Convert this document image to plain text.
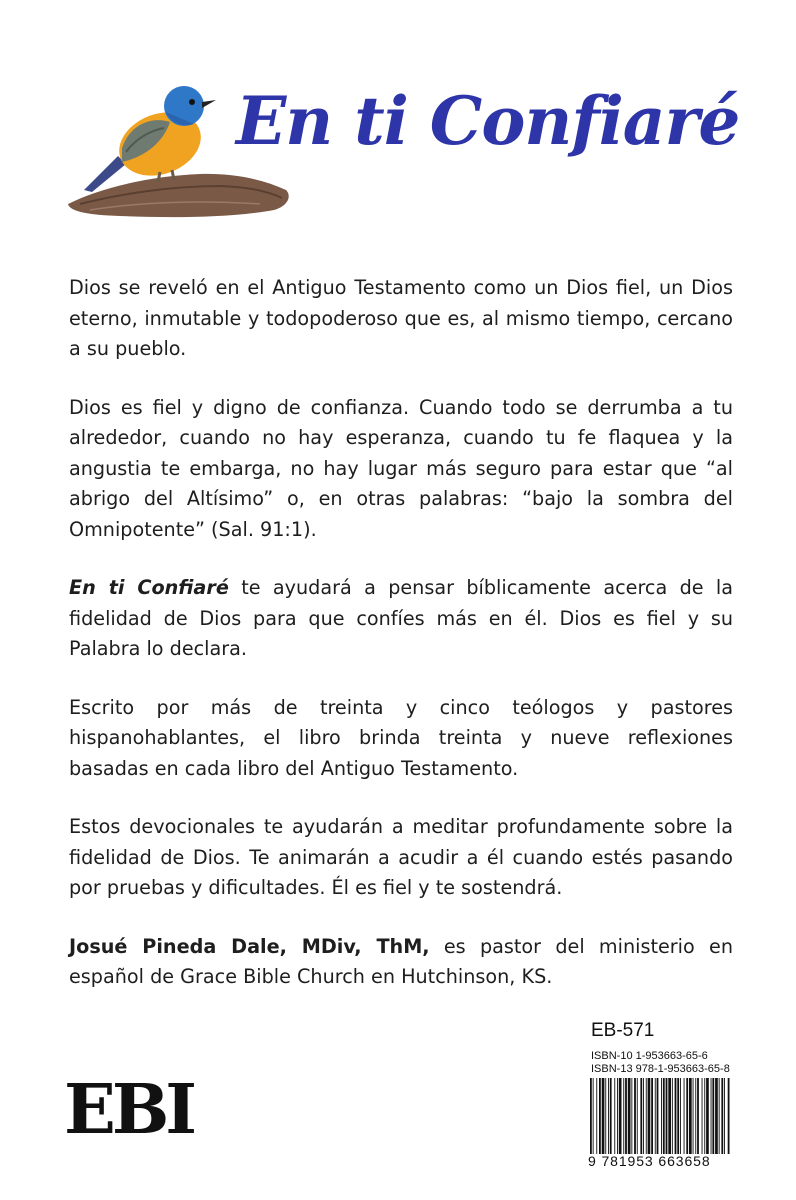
En ti Confiaré

Dios se reveló en el Antiguo Testamento como un Dios fiel, un Dios eterno, inmutable y todopoderoso que es, al mismo tiempo, cercano a su pueblo.

Dios es fiel y digno de confianza. Cuando todo se derrumba a tu alrededor, cuando no hay esperanza, cuando tu fe flaquea y la angustia te embarga, no hay lugar más seguro para estar que “al abrigo del Altísimo” o, en otras palabras: “bajo la sombra del Omnipotente” (Sal. 91:1).

En ti Confiaré te ayudará a pensar bíblicamente acerca de la fidelidad de Dios para que confíes más en él. Dios es fiel y su Palabra lo declara.

Escrito por más de treinta y cinco teólogos y pastores hispanohablantes, el libro brinda treinta y nueve reflexiones basadas en cada libro del Antiguo Testamento.

Estos devocionales te ayudarán a meditar profundamente sobre la fidelidad de Dios. Te animarán a acudir a él cuando estés pasando por pruebas y dificultades. Él es fiel y te sostendrá.

Josué Pineda Dale, MDiv, ThM, es pastor del ministerio en español de Grace Bible Church en Hutchinson, KS.

EBI
EB-571
ISBN-10 1-953663-65-6
ISBN-13 978-1-953663-65-8
9 781953 663658
